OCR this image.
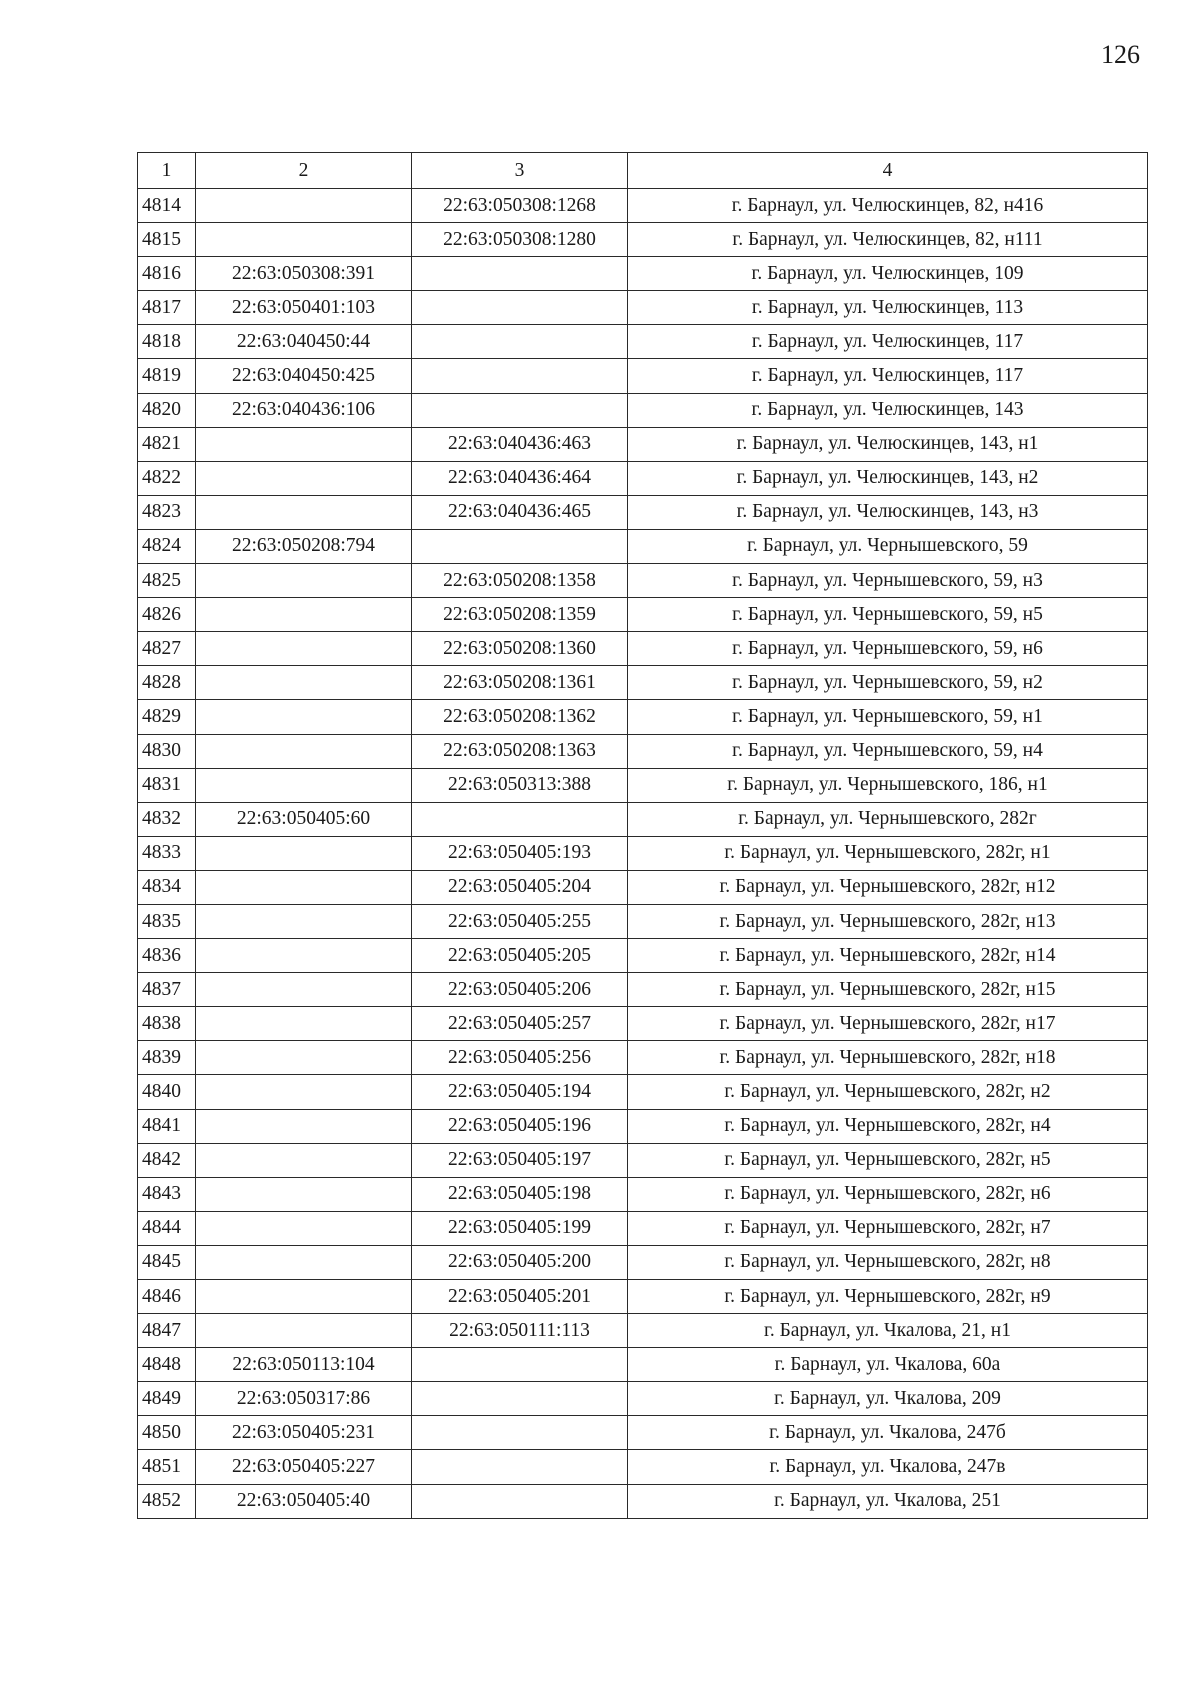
126
1	2	3	4
4814		22:63:050308:1268	г. Барнаул, ул. Челюскинцев, 82, н416
4815		22:63:050308:1280	г. Барнаул, ул. Челюскинцев, 82, н111
4816	22:63:050308:391		г. Барнаул, ул. Челюскинцев, 109
4817	22:63:050401:103		г. Барнаул, ул. Челюскинцев, 113
4818	22:63:040450:44		г. Барнаул, ул. Челюскинцев, 117
4819	22:63:040450:425		г. Барнаул, ул. Челюскинцев, 117
4820	22:63:040436:106		г. Барнаул, ул. Челюскинцев, 143
4821		22:63:040436:463	г. Барнаул, ул. Челюскинцев, 143, н1
4822		22:63:040436:464	г. Барнаул, ул. Челюскинцев, 143, н2
4823		22:63:040436:465	г. Барнаул, ул. Челюскинцев, 143, н3
4824	22:63:050208:794		г. Барнаул, ул. Чернышевского, 59
4825		22:63:050208:1358	г. Барнаул, ул. Чернышевского, 59, н3
4826		22:63:050208:1359	г. Барнаул, ул. Чернышевского, 59, н5
4827		22:63:050208:1360	г. Барнаул, ул. Чернышевского, 59, н6
4828		22:63:050208:1361	г. Барнаул, ул. Чернышевского, 59, н2
4829		22:63:050208:1362	г. Барнаул, ул. Чернышевского, 59, н1
4830		22:63:050208:1363	г. Барнаул, ул. Чернышевского, 59, н4
4831		22:63:050313:388	г. Барнаул, ул. Чернышевского, 186, н1
4832	22:63:050405:60		г. Барнаул, ул. Чернышевского, 282г
4833		22:63:050405:193	г. Барнаул, ул. Чернышевского, 282г, н1
4834		22:63:050405:204	г. Барнаул, ул. Чернышевского, 282г, н12
4835		22:63:050405:255	г. Барнаул, ул. Чернышевского, 282г, н13
4836		22:63:050405:205	г. Барнаул, ул. Чернышевского, 282г, н14
4837		22:63:050405:206	г. Барнаул, ул. Чернышевского, 282г, н15
4838		22:63:050405:257	г. Барнаул, ул. Чернышевского, 282г, н17
4839		22:63:050405:256	г. Барнаул, ул. Чернышевского, 282г, н18
4840		22:63:050405:194	г. Барнаул, ул. Чернышевского, 282г, н2
4841		22:63:050405:196	г. Барнаул, ул. Чернышевского, 282г, н4
4842		22:63:050405:197	г. Барнаул, ул. Чернышевского, 282г, н5
4843		22:63:050405:198	г. Барнаул, ул. Чернышевского, 282г, н6
4844		22:63:050405:199	г. Барнаул, ул. Чернышевского, 282г, н7
4845		22:63:050405:200	г. Барнаул, ул. Чернышевского, 282г, н8
4846		22:63:050405:201	г. Барнаул, ул. Чернышевского, 282г, н9
4847		22:63:050111:113	г. Барнаул, ул. Чкалова, 21, н1
4848	22:63:050113:104		г. Барнаул, ул. Чкалова, 60а
4849	22:63:050317:86		г. Барнаул, ул. Чкалова, 209
4850	22:63:050405:231		г. Барнаул, ул. Чкалова, 247б
4851	22:63:050405:227		г. Барнаул, ул. Чкалова, 247в
4852	22:63:050405:40		г. Барнаул, ул. Чкалова, 251
